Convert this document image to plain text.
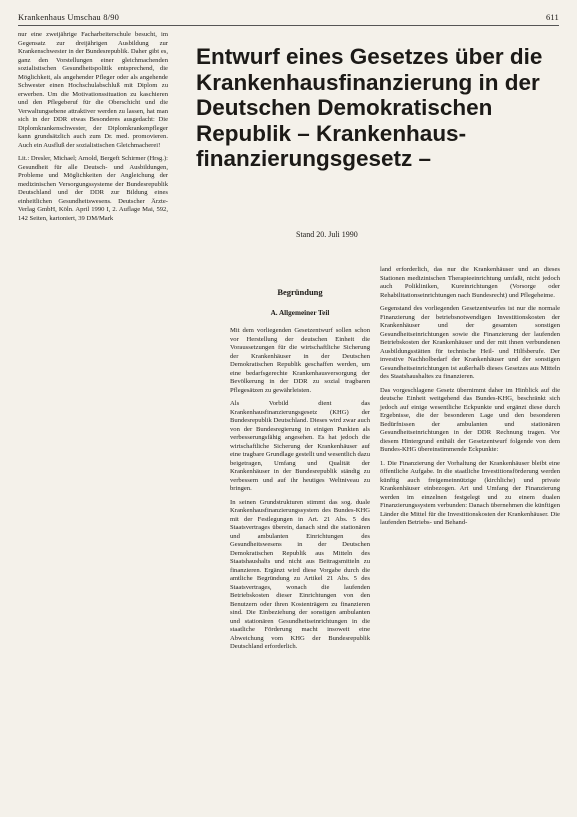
Krankenhaus Umschau 8/90	611

nur eine zweijährige Facharbeiterschule besucht, im Gegensatz zur dreijährigen Ausbildung zur Krankenschwester in der Bundesrepublik. Daher gibt es, ganz den Vorstellungen einer gleichmachenden sozialistischen Gesundheitspolitik entsprechend, die Möglichkeit, als angehender Pfleger oder als angehende Schwester einen Hochschulabschluß mit Diplom zu erwerben. Um die Motivationssituation zu kaschieren und den Pflegeberuf für die Oberschicht und die Verwaltungsebene attraktiver werden zu lassen, hat man sich in der DDR etwas Besonderes ausgedacht: Die Diplomkrankenschwester, der Diplomkrankenpfleger kann grundsätzlich auch zum Dr. med. promovieren. Auch ein Ausfluß der sozialistischen Gleichmacherei!

Lit.: Dresler, Michael; Arnold, Bergeft Schirmer (Hrsg.): Gesundheit für alle Deutsch- und Ausbildungen, Probleme und Möglichkeiten der Angleichung der medizinischen Versorgungssysteme der Bundesrepublik Deutschland und der DDR zur Bildung eines einheitlichen Gesundheitswesens. Deutscher Ärzte-Verlag GmbH, Köln. April 1990 I, 2. Auflage Mai, 592, 142 Seiten, kartoniert, 39 DM/Mark

Entwurf eines Gesetzes über die Krankenhausfinanzierung in der Deutschen Demokratischen Republik – Krankenhaus-finanzierungsgesetz –
Stand 20. Juli 1990
Begründung
A. Allgemeiner Teil

Mit dem vorliegenden Gesetzentwurf sollen schon vor Herstellung der deutschen Einheit die Voraussetzungen für die wirtschaftliche Sicherung der Krankenhäuser in der Deutschen Demokratischen Republik geschaffen werden, um eine bedarfsgerechte Krankenhausversorgung der Bevölkerung in der DDR zu sozial tragbaren Pflegesätzen zu gewährleisten.

Als Vorbild dient das Krankenhausfinanzierungsgesetz (KHG) der Bundesrepublik Deutschland. Dieses wird zwar auch von der Bundesregierung in einigen Punkten als verbesserungsfähig angesehen. Es hat jedoch die wirtschaftliche Sicherung der Krankenhäuser auf eine tragbare Grundlage gestellt und wesentlich dazu beigetragen, Umfang und Qualität der Krankenhäuser in der Bundesrepublik ständig zu verbessern und auf ihr heutiges Weltniveau zu bringen.

In seinen Grundstrukturen stimmt das sog. duale Krankenhausfinanzierungssystem des Bundes-KHG mit der Festlegungen in Art. 21 Abs. 5 des Staatsvertrages überein, danach sind die stationären und ambulanten Einrichtungen des Gesundheitswesens in der Deutschen Demokratischen Republik aus Mitteln des Staatshaushalts und nicht aus Beitragsmitteln zu finanzieren. Ergänzt wird diese Vorgabe durch die amtliche Begründung zu Artikel 21 Abs. 5 des Staatsvertrages, wonach die laufenden Betriebskosten dieser Einrichtungen von den Benutzern oder ihren Kostenträgern zu finanzieren sind. Die Einbeziehung der sonstigen ambulanten und stationären Gesundheitseinrichtungen in die staatliche Förderung macht insoweit eine Abweichung vom KHG der Bundesrepublik Deutschland erforderlich.

land erforderlich, das nur die Krankenhäuser und an dieses Stationen medizinischen Therapieeinrichtung umfaßt, nicht jedoch auch Polikliniken, Kureinrichtungen (Vorsorge oder Rehabilitationseinrichtungen nach Bundesrecht) und Pflegeheime.

Gegenstand des vorliegenden Gesetzentwurfes ist nur die normale Finanzierung der betriebsnotwendigen Investitionskosten der Krankenhäuser und der gesamten sonstigen Gesundheitseinrichtungen sowie die Finanzierung der laufenden Betriebskosten der Krankenhäuser und der mit ihnen verbundenen Ausbildungsstätten für technische Heil- und Hilfsberufe. Der investive Nachholbedarf der Krankenhäuser und der sonstigen Gesundheitseinrichtungen ist außerhalb dieses Gesetzes aus Mitteln des Staatshaushaltes zu finanzieren.

Das vorgeschlagene Gesetz übernimmt daher im Hinblick auf die deutsche Einheit weitgehend das Bundes-KHG, beschränkt sich jedoch auf einige wesentliche Eckpunkte und ergänzt diese durch Ergebnisse, die der besonderen Lage und den besonderen Bedürfnissen der ambulanten und stationären Gesundheitseinrichtungen in der DDR Rechnung tragen. Vor diesem Hintergrund enthält der Gesetzentwurf folgende von dem Bundes-KHG übereinstimmende Eckpunkte:

1. Die Finanzierung der Vorhaltung der Krankenhäuser bleibt eine öffentliche Aufgabe. In die staatliche Investitionsförderung werden künftig auch freigemeinnützige (kirchliche) und private Krankenhäuser einbezogen. Art und Umfang der Finanzierung werden im einzelnen festgelegt und zu einem dualen Finanzierungssystem verbunden: Danach übernehmen die künftigen Länder die Mittel für die Investitionskosten der Krankenhäuser. Die laufenden Betriebs- und Behand-
